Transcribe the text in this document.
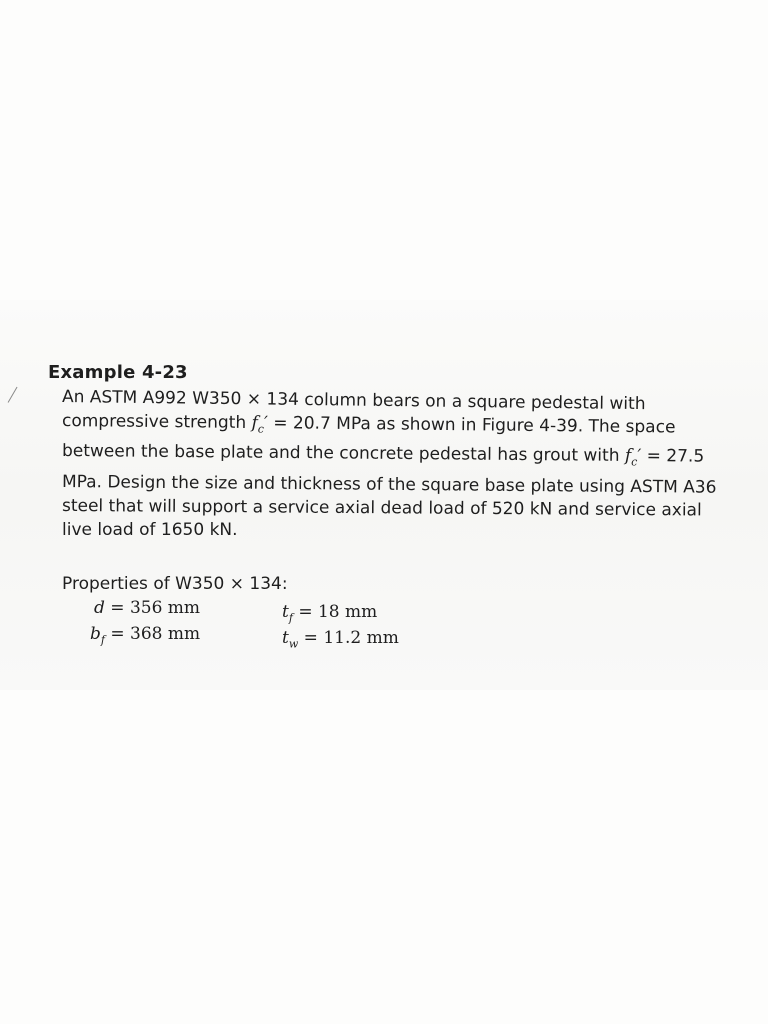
Example 4-23
An ASTM A992 W350 × 134 column bears on a square pedestal with
compressive strength $f_c' = 20.7$ MPa as shown in Figure 4-39. The space
between the base plate and the concrete pedestal has grout with $f_c' = 27.5$
MPa. Design the size and thickness of the square base plate using ASTM A36
steel that will support a service axial dead load of 520 kN and service axial
live load of 1650 kN.
Properties of W350 × 134:
d = 356 mm
$b_f = 368$ mm
$t_f = 18$ mm
$t_w = 11.2$ mm
